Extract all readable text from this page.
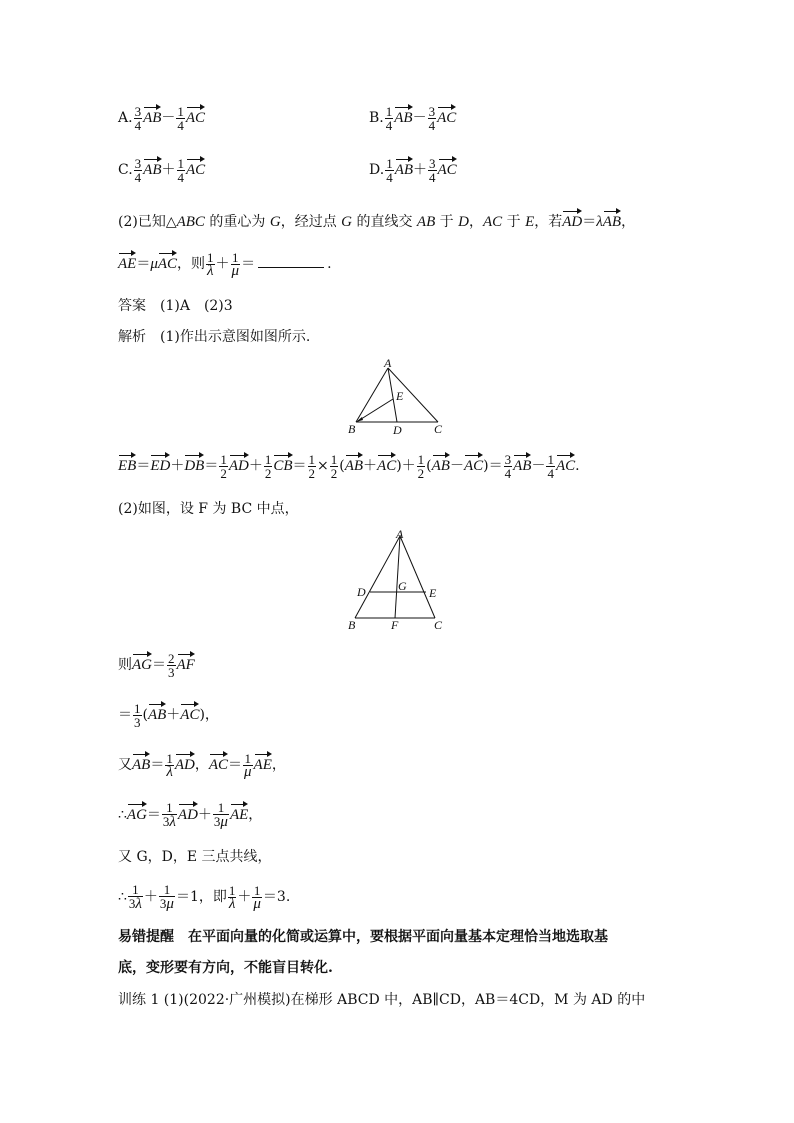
A. $\frac{3}{4} AB- \frac{1}{4}$ AC	B. $\frac{1}{4} AB- \frac{3}{4}$ AC
C. $\frac{3}{4} AB+ \frac{1}{4}$ AC	D. $\frac{1}{4} AB+ \frac{3}{4}$ AC
(2)已知△ABC 的重心为 G，经过点 G 的直线交 AB 于 D，AC 于 E，若AD＝λAB，
AE＝μAC，则 $\frac{1}{\lambda} + \frac{1}{\mu}$ ＝	.
答案　 (1)A　(2)3
解析　 (1)作出示意图如图所示.
A
B	C
D
E
$EB=ED+DB= \frac{1}{2} AD+ \frac{1}{2} CB= \frac{1}{2} \times \frac{1}{2} (AB+AC)+ \frac{1}{2} (AB-AC)= \frac{3}{4} AB- \frac{1}{4}$ AC.
(2)如图，设 F 为 BC 中点，
A
B	C
D	E
F
G
则$AG= \frac{2}{3}$ AF
＝ $\frac{1}{3} (AB+AC)$，
又$AB= \frac{1}{\lambda}$ AD，$AC= \frac{1}{\mu}$ AE，
∴AG＝ $\frac{1}{3\lambda} AD+ \frac{1}{3\mu}$ AE，
又 G，D，E 三点共线，
∴ $\frac{1}{3\lambda} + \frac{1}{3\mu} =1$，即 $\frac{1}{\lambda} + \frac{1}{\mu} =3$.
易错提醒　 在平面向量的化简或运算中，要根据平面向量基本定理恰当地选取基
底，变形要有方向，不能盲目转化.
训练 1 (1)(2022·广州模拟)在梯形 ABCD 中，AB∥CD，AB＝4CD，M 为 AD 的中
